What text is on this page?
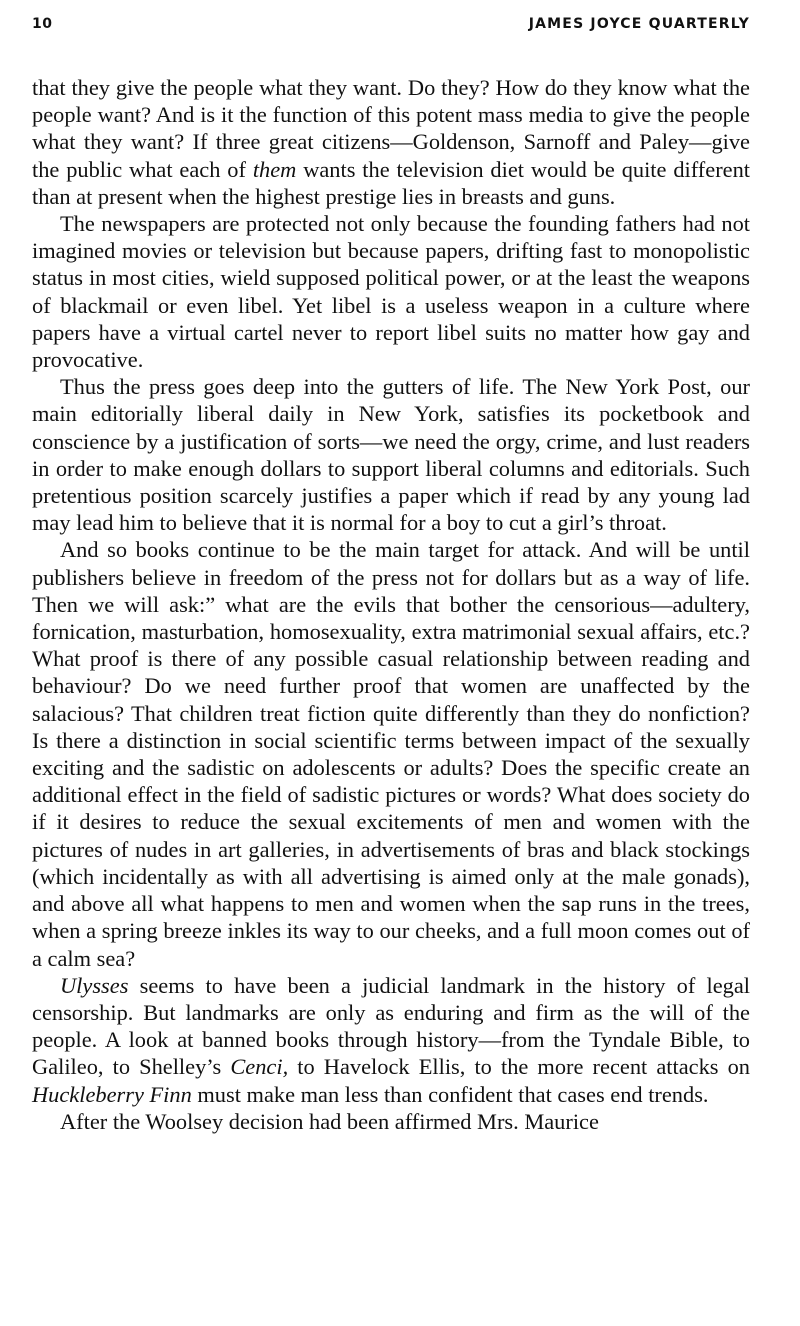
10	JAMES JOYCE QUARTERLY

that they give the people what they want. Do they? How do they know what the people want? And is it the function of this potent mass media to give the people what they want? If three great citizens—Goldenson, Sarnoff and Paley—give the public what each of them wants the television diet would be quite different than at present when the highest prestige lies in breasts and guns.

The newspapers are protected not only because the founding fathers had not imagined movies or television but because papers, drifting fast to monopolistic status in most cities, wield supposed political power, or at the least the weapons of blackmail or even libel. Yet libel is a useless weapon in a culture where papers have a virtual cartel never to report libel suits no matter how gay and provocative.

Thus the press goes deep into the gutters of life. The New York Post, our main editorially liberal daily in New York, satisfies its pocketbook and conscience by a justification of sorts—we need the orgy, crime, and lust readers in order to make enough dollars to support liberal columns and editorials. Such pretentious position scarcely justifies a paper which if read by any young lad may lead him to believe that it is normal for a boy to cut a girl’s throat.

And so books continue to be the main target for attack. And will be until publishers believe in freedom of the press not for dollars but as a way of life. Then we will ask:” what are the evils that bother the censorious—adultery, fornication, masturbation, homosexuality, extra matrimonial sexual affairs, etc.? What proof is there of any possible casual relationship between reading and behaviour? Do we need further proof that women are unaffected by the salacious? That children treat fiction quite differently than they do nonfiction? Is there a distinction in social scientific terms between impact of the sexually exciting and the sadistic on adolescents or adults? Does the specific create an additional effect in the field of sadistic pictures or words? What does society do if it desires to reduce the sexual excitements of men and women with the pictures of nudes in art galleries, in advertisements of bras and black stockings (which incidentally as with all advertising is aimed only at the male gonads), and above all what happens to men and women when the sap runs in the trees, when a spring breeze inkles its way to our cheeks, and a full moon comes out of a calm sea?

Ulysses seems to have been a judicial landmark in the history of legal censorship. But landmarks are only as enduring and firm as the will of the people. A look at banned books through history—from the Tyndale Bible, to Galileo, to Shelley’s Cenci, to Havelock Ellis, to the more recent attacks on Huckleberry Finn must make man less than confident that cases end trends.

After the Woolsey decision had been affirmed Mrs. Maurice
